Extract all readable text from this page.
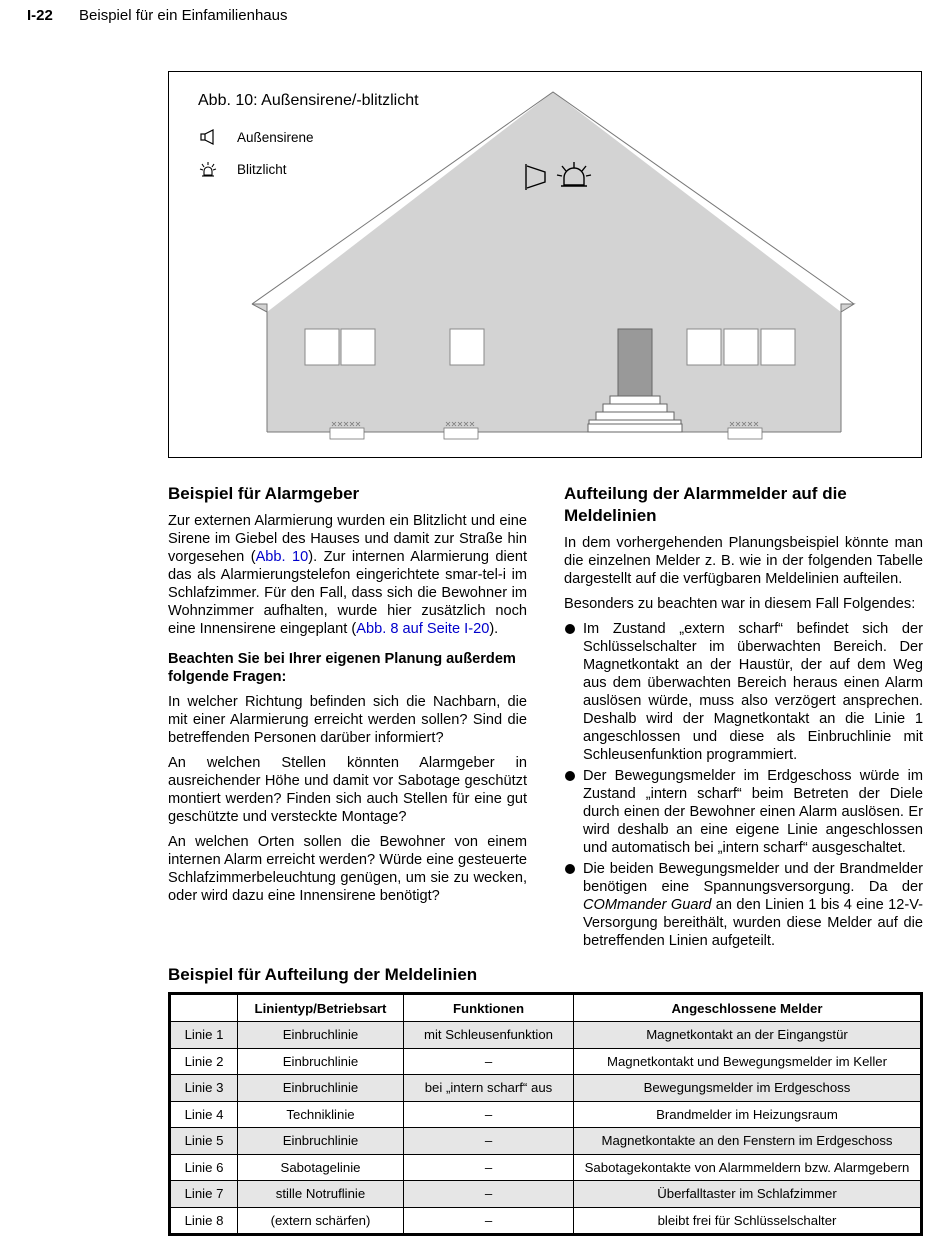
I-22 Beispiel für ein Einfamilienhaus
Abb. 10: Außensirene/-blitzlicht
Außensirene
Blitzlicht
Beispiel für Alarmgeber

Zur externen Alarmierung wurden ein Blitzlicht und eine Sirene im Giebel des Hauses und damit zur Straße hin vorgesehen (Abb. 10). Zur internen Alarmierung dient das als Alarmierungstelefon eingerichtete smar-tel-i im Schlafzimmer. Für den Fall, dass sich die Bewohner im Wohnzimmer aufhalten, wurde hier zusätzlich noch eine Innensirene eingeplant (Abb. 8 auf Seite I-20).

Beachten Sie bei Ihrer eigenen Planung außerdem folgende Fragen:

In welcher Richtung befinden sich die Nachbarn, die mit einer Alarmierung erreicht werden sollen? Sind die betreffenden Personen darüber informiert?

An welchen Stellen könnten Alarmgeber in ausreichender Höhe und damit vor Sabotage geschützt montiert werden? Finden sich auch Stellen für eine gut geschützte und versteckte Montage?

An welchen Orten sollen die Bewohner von einem internen Alarm erreicht werden? Würde eine gesteuerte Schlafzimmerbeleuchtung genügen, um sie zu wecken, oder wird dazu eine Innensirene benötigt?

Aufteilung der Alarmmelder auf die Meldelinien

In dem vorhergehenden Planungsbeispiel könnte man die einzelnen Melder z. B. wie in der folgenden Tabelle dargestellt auf die verfügbaren Meldelinien aufteilen.

Besonders zu beachten war in diesem Fall Folgendes:

Im Zustand „extern scharf“ befindet sich der Schlüsselschalter im überwachten Bereich. Der Magnetkontakt an der Haustür, der auf dem Weg aus dem überwachten Bereich heraus einen Alarm auslösen würde, muss also verzögert ansprechen. Deshalb wird der Magnetkontakt an die Linie 1 angeschlossen und diese als Einbruchlinie mit Schleusenfunktion programmiert.
Der Bewegungsmelder im Erdgeschoss würde im Zustand „intern scharf“ beim Betreten der Diele durch einen der Bewohner einen Alarm auslösen. Er wird deshalb an eine eigene Linie angeschlossen und automatisch bei „intern scharf“ ausgeschaltet.
Die beiden Bewegungsmelder und der Brandmelder benötigen eine Spannungsversorgung. Da der COMmander Guard an den Linien 1 bis 4 eine 12-V-Versorgung bereithält, wurden diese Melder auf die betreffenden Linien aufgeteilt.
Beispiel für Aufteilung der Meldelinien
	Linientyp/Betriebsart	Funktionen	Angeschlossene Melder
Linie 1	Einbruchlinie	mit Schleusenfunktion	Magnetkontakt an der Eingangstür
Linie 2	Einbruchlinie	–	Magnetkontakt und Bewegungsmelder im Keller
Linie 3	Einbruchlinie	bei „intern scharf“ aus	Bewegungsmelder im Erdgeschoss
Linie 4	Techniklinie	–	Brandmelder im Heizungsraum
Linie 5	Einbruchlinie	–	Magnetkontakte an den Fenstern im Erdgeschoss
Linie 6	Sabotagelinie	–	Sabotagekontakte von Alarmmeldern bzw. Alarmgebern
Linie 7	stille Notruflinie	–	Überfalltaster im Schlafzimmer
Linie 8	(extern schärfen)	–	bleibt frei für Schlüsselschalter
